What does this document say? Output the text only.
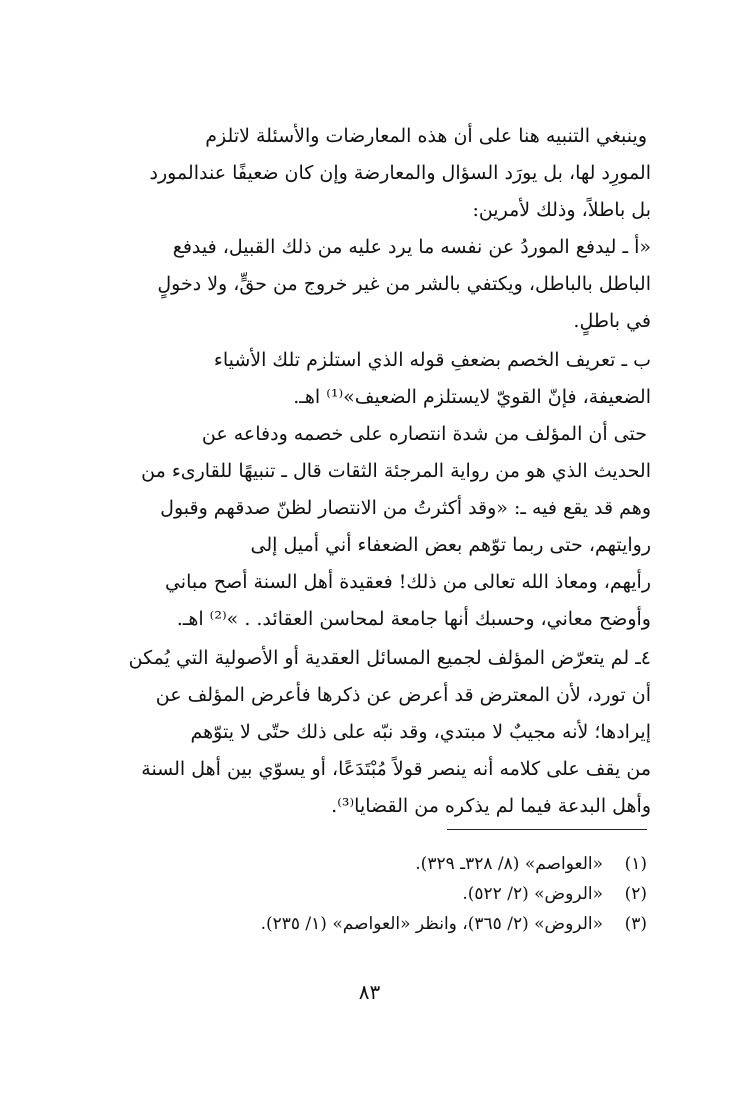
وينبغي التنبيه هنا على أن هذه المعارضات والأسئلة لاتلزم
المورِد لها، بل يورَد السؤال والمعارضة وإن كان ضعيفًا عندالمورد
بل باطلاً، وذلك لأمرين:
«أ ـ ليدفع الموردُ عن نفسه ما يرد عليه من ذلك القبيل، فيدفع
الباطل بالباطل، ويكتفي بالشر من غير خروج من حقٍّ، ولا دخولٍ
في باطلٍ.
ب ـ تعريف الخصم بضعفِ قوله الذي استلزم تلك الأشياء
الضعيفة، فإنّ القويّ لايستلزم الضعيف»⁽¹⁾ اهـ.
حتى أن المؤلف من شدة انتصاره على خصمه ودفاعه عن
الحديث الذي هو من رواية المرجئة الثقات قال ـ تنبيهًا للقارىء من
وهم قد يقع فيه ـ: «وقد أكثرتُ من الانتصار لظنّ صدقهم وقبول
روايتهم، حتى ربما توّهم بعض الضعفاء أني أميل إلى
رأيهم، ومعاذ الله تعالى من ذلك! فعقيدة أهل السنة أصح مباني
وأوضح معاني، وحسبك أنها جامعة لمحاسن العقائد. . »⁽²⁾ اهـ.
٤ـ لم يتعرّض المؤلف لجميع المسائل العقدية أو الأصولية التي يُمكن
أن تورد، لأن المعترض قد أعرض عن ذكرها فأعرض المؤلف عن
إيرادها؛ لأنه مجيبٌ لا مبتدي، وقد نبّه على ذلك حتّى لا يتوّهم
من يقف على كلامه أنه ينصر قولاً مُبْتَدَعًا، أو يسوّي بين أهل السنة
وأهل البدعة فيما لم يذكره من القضايا⁽³⁾.
(١)«العواصم» (٨/ ٣٢٨ـ ٣٢٩).
(٢)«الروض» (٢/ ٥٢٢).
(٣)«الروض» (٢/ ٣٦٥)، وانظر «العواصم» (١/ ٢٣٥).
٨٣
